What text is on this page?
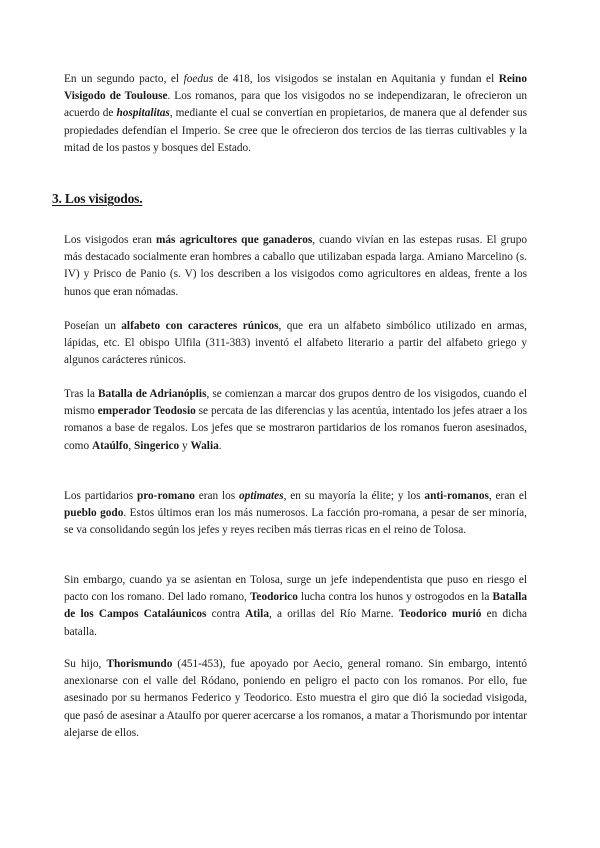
En un segundo pacto, el foedus de 418, los visigodos se instalan en Aquitania y fundan el Reino Visigodo de Toulouse. Los romanos, para que los visigodos no se independizaran, le ofrecieron un acuerdo de hospitalitas, mediante el cual se convertían en propietarios, de manera que al defender sus propiedades defendían el Imperio. Se cree que le ofrecieron dos tercios de las tierras cultivables y la mitad de los pastos y bosques del Estado.

3. Los visigodos.

Los visigodos eran más agricultores que ganaderos, cuando vivían en las estepas rusas. El grupo más destacado socialmente eran hombres a caballo que utilizaban espada larga. Amiano Marcelino (s. IV) y Prisco de Panio (s. V) los describen a los visigodos como agricultores en aldeas, frente a los hunos que eran nómadas.

Poseían un alfabeto con caracteres rúnicos, que era un alfabeto simbólico utilizado en armas, lápidas, etc. El obispo Ulfila (311-383) inventó el alfabeto literario a partir del alfabeto griego y algunos carácteres rúnicos.

Tras la Batalla de Adrianóplis, se comienzan a marcar dos grupos dentro de los visigodos, cuando el mismo emperador Teodosio se percata de las diferencias y las acentúa, intentado los jefes atraer a los romanos a base de regalos. Los jefes que se mostraron partidarios de los romanos fueron asesinados, como Ataúlfo, Singerico y Walia.

Los partidarios pro-romano eran los optimates, en su mayoría la élite; y los anti-romanos, eran el pueblo godo. Estos últimos eran los más numerosos. La facción pro-romana, a pesar de ser minoría, se va consolidando según los jefes y reyes reciben más tierras ricas en el reino de Tolosa.

Sin embargo, cuando ya se asientan en Tolosa, surge un jefe independentista que puso en riesgo el pacto con los romano. Del lado romano, Teodorico lucha contra los hunos y ostrogodos en la Batalla de los Campos Cataláunicos contra Atila, a orillas del Río Marne. Teodorico murió en dicha batalla.

Su hijo, Thorismundo (451-453), fue apoyado por Aecio, general romano. Sin embargo, intentó anexionarse con el valle del Ródano, poniendo en peligro el pacto con los romanos. Por ello, fue asesinado por su hermanos Federico y Teodorico. Esto muestra el giro que dió la sociedad visigoda, que pasó de asesinar a Ataulfo por querer acercarse a los romanos, a matar a Thorismundo por intentar alejarse de ellos.
